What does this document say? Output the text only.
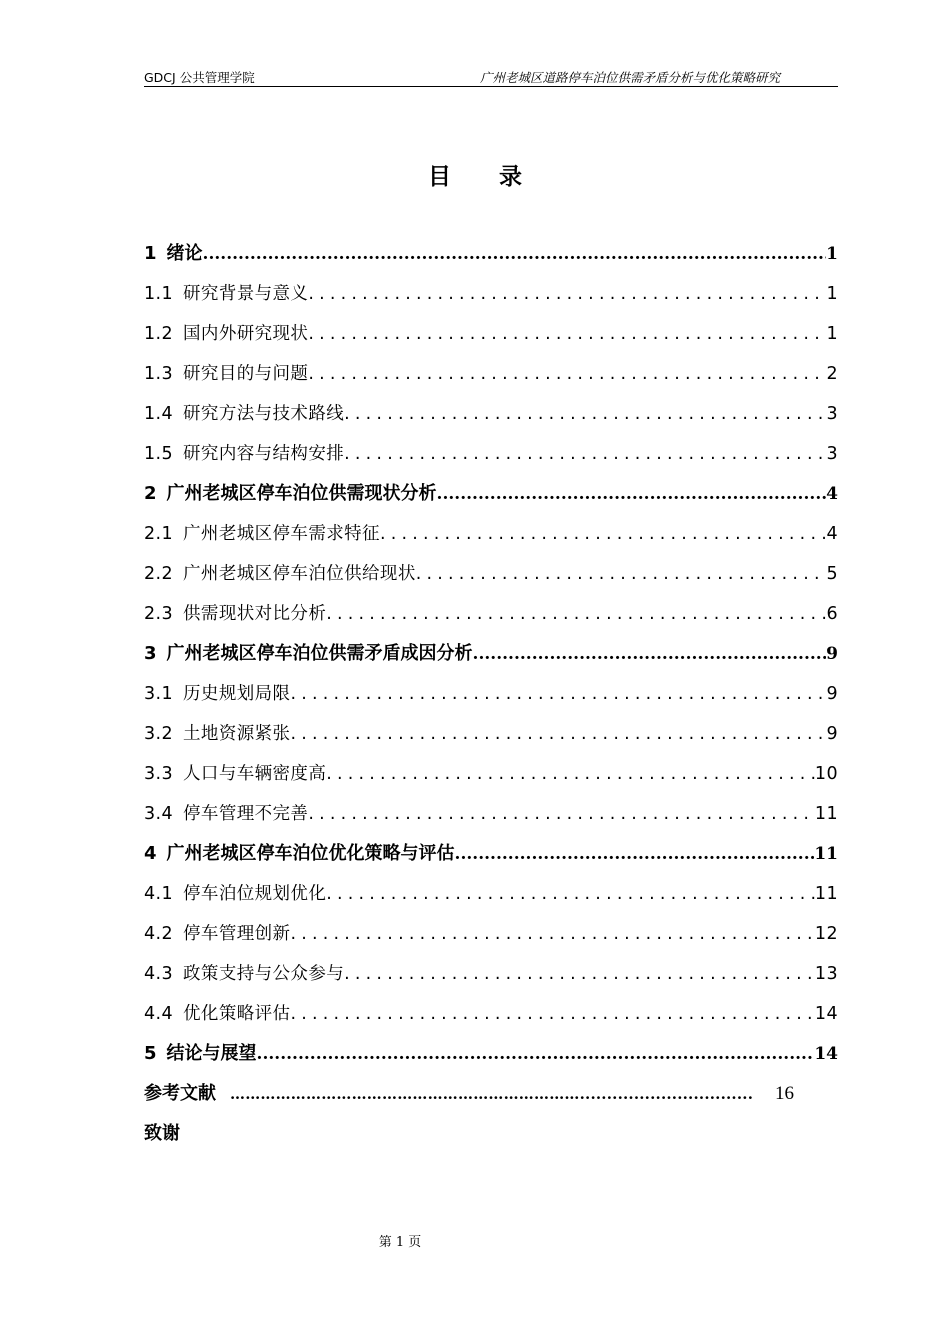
GDCJ 公共管理学院	广州老城区道路停车泊位供需矛盾分析与优化策略研究
目录
1 绪论 .....	1
1.1 研究背景与意义 .....	1
1.2 国内外研究现状 .....	1
1.3 研究目的与问题 .....	2
1.4 研究方法与技术路线 .....	3
1.5 研究内容与结构安排 .....	3
2 广州老城区停车泊位供需现状分析 .....	4
2.1 广州老城区停车需求特征 .....	4
2.2 广州老城区停车泊位供给现状 .....	5
2.3 供需现状对比分析 .....	6
3 广州老城区停车泊位供需矛盾成因分析 .....	9
3.1 历史规划局限 .....	9
3.2 土地资源紧张 .....	9
3.3 人口与车辆密度高 .....	10
3.4 停车管理不完善 .....	11
4 广州老城区停车泊位优化策略与评估 .....	11
4.1 停车泊位规划优化 .....	11
4.2 停车管理创新 .....	12
4.3 政策支持与公众参与 .....	13
4.4 优化策略评估 .....	14
5 结论与展望 .....	14
参考文献 …………………………………………………………… .....	16
致谢
第 1 页
